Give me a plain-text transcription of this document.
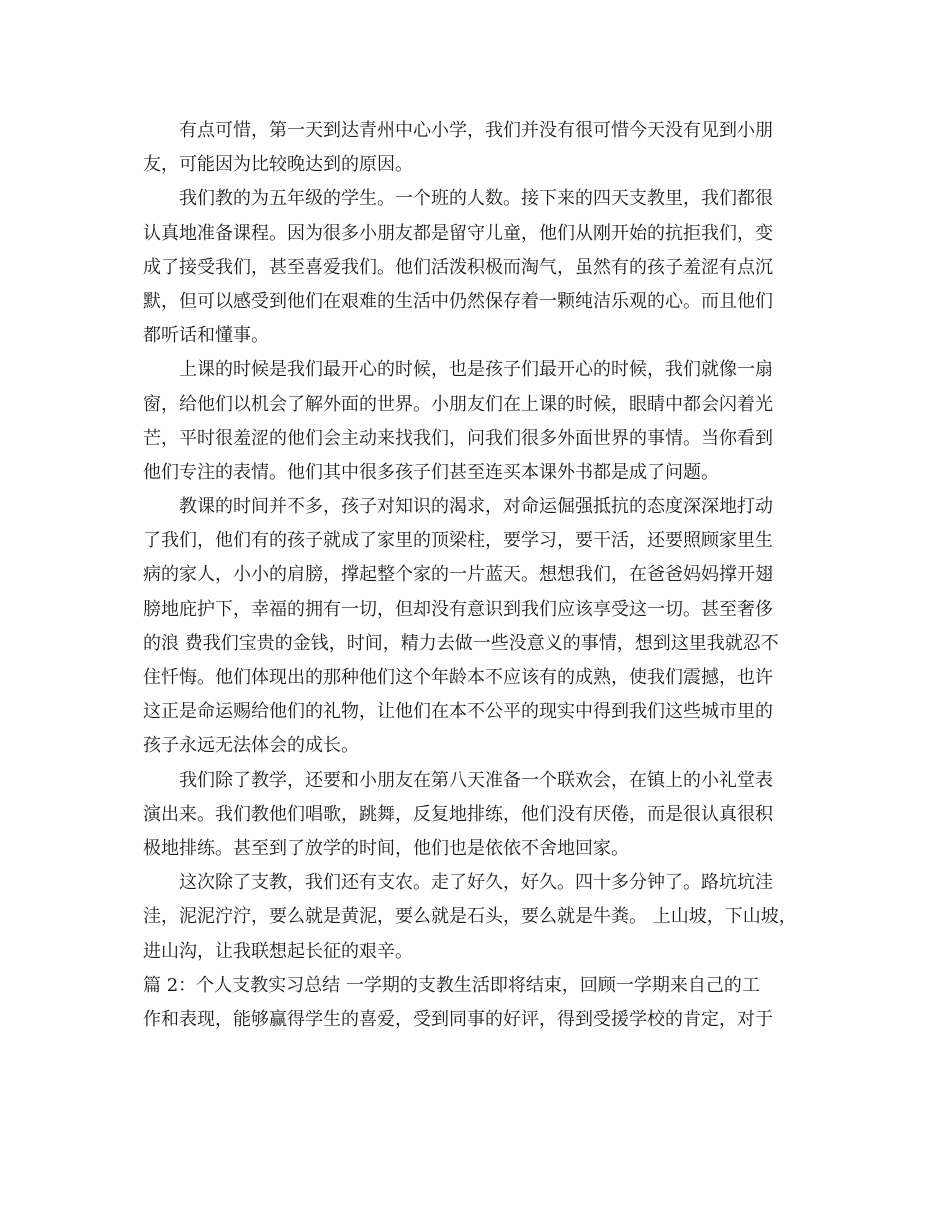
有点可惜，第一天到达青州中心小学，我们并没有很可惜今天没有见到小朋
友，可能因为比较晚达到的原因。
我们教的为五年级的学生。一个班的人数。接下来的四天支教里，我们都很
认真地准备课程。因为很多小朋友都是留守儿童，他们从刚开始的抗拒我们，变
成了接受我们，甚至喜爱我们。他们活泼积极而淘气，虽然有的孩子羞涩有点沉
默，但可以感受到他们在艰难的生活中仍然保存着一颗纯洁乐观的心。而且他们
都听话和懂事。
上课的时候是我们最开心的时候，也是孩子们最开心的时候，我们就像一扇
窗，给他们以机会了解外面的世界。小朋友们在上课的时候，眼睛中都会闪着光
芒，平时很羞涩的他们会主动来找我们，问我们很多外面世界的事情。当你看到
他们专注的表情。他们其中很多孩子们甚至连买本课外书都是成了问题。
教课的时间并不多，孩子对知识的渴求，对命运倔强抵抗的态度深深地打动
了我们，他们有的孩子就成了家里的顶梁柱，要学习，要干活，还要照顾家里生
病的家人，小小的肩膀，撑起整个家的一片蓝天。想想我们，在爸爸妈妈撑开翅
膀地庇护下，幸福的拥有一切，但却没有意识到我们应该享受这一切。甚至奢侈
的浪 费我们宝贵的金钱，时间，精力去做一些没意义的事情，想到这里我就忍不
住忏悔。他们体现出的那种他们这个年龄本不应该有的成熟，使我们震撼，也许
这正是命运赐给他们的礼物，让他们在本不公平的现实中得到我们这些城市里的
孩子永远无法体会的成长。
我们除了教学，还要和小朋友在第八天准备一个联欢会，在镇上的小礼堂表
演出来。我们教他们唱歌，跳舞，反复地排练，他们没有厌倦，而是很认真很积
极地排练。甚至到了放学的时间，他们也是依依不舍地回家。
这次除了支教，我们还有支农。走了好久，好久。四十多分钟了。路坑坑洼
洼，泥泥泞泞，要么就是黄泥，要么就是石头，要么就是牛粪。 上山坡，下山坡，
进山沟，让我联想起长征的艰辛。
篇 2：个人支教实习总结 一学期的支教生活即将结束，回顾一学期来自己的工
作和表现，能够赢得学生的喜爱，受到同事的好评，得到受援学校的肯定，对于
